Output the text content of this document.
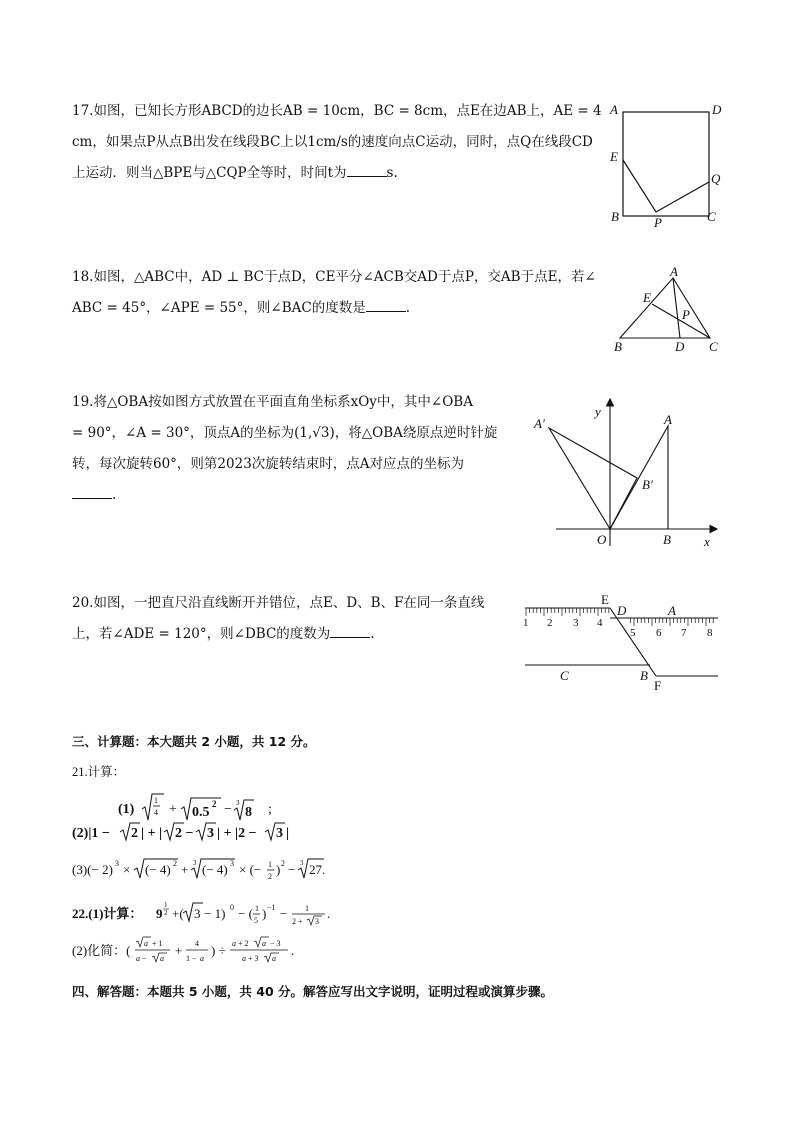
17.如图，已知长方形ABCD的边长AB = 10cm，BC = 8cm，点E在边AB上，AE = 4

cm，如果点P从点B出发在线段BC上以1cm/s的速度向点C运动，同时，点Q在线段CD

上运动．则当△BPE与△CQP全等时，时间t为	s.

A	D
E
Q
B	P	C

18.如图，△ABC中，AD ⊥ BC于点D，CE平分∠ACB交AD于点P，交AB于点E，若∠

ABC = 45°，∠APE = 55°，则∠BAC的度数是	.

A
E
P
B	D C

19.将△OBA按如图方式放置在平面直角坐标系xOy中，其中∠OBA

= 90°，∠A = 30°，顶点A的坐标为(1,√3)，将△OBA绕原点逆时针旋

转，每次旋转60°，则第2023次旋转结束时，点A对应点的坐标为

.

A′
y
A
B′
O	B	x

20.如图，一把直尺沿直线断开并错位，点E、D、B、F在同一条直线

上，若∠ADE = 120°，则∠DBC的度数为	.

E
D	A
C	B
F
1 2 3 4
5 6 7 8
三、计算题：本大题共 2 小题，共 12 分。
21.计算：
(1)
1
4 + 0.5
2 − 3
8 ;
(2)|1 − 2 | + | 2 − 3 | + |2 − 3 |
(3)(− 2) 3 × (− 4) 2 + 3 (− 4) 3 × (− 1
2 ) 2 − 3 27.
22.(1)计算： 9
1
2 +( 3 − 1) 0 − ( 1
5 ) −1 − 1
2 + 3
.
(2)化简：( a + 1
a − a
+ 4
1 − a
) ÷ a + 2 a − 3
a + 3 a
.
四、解答题：本题共 5 小题，共 40 分。解答应写出文字说明，证明过程或演算步骤。
